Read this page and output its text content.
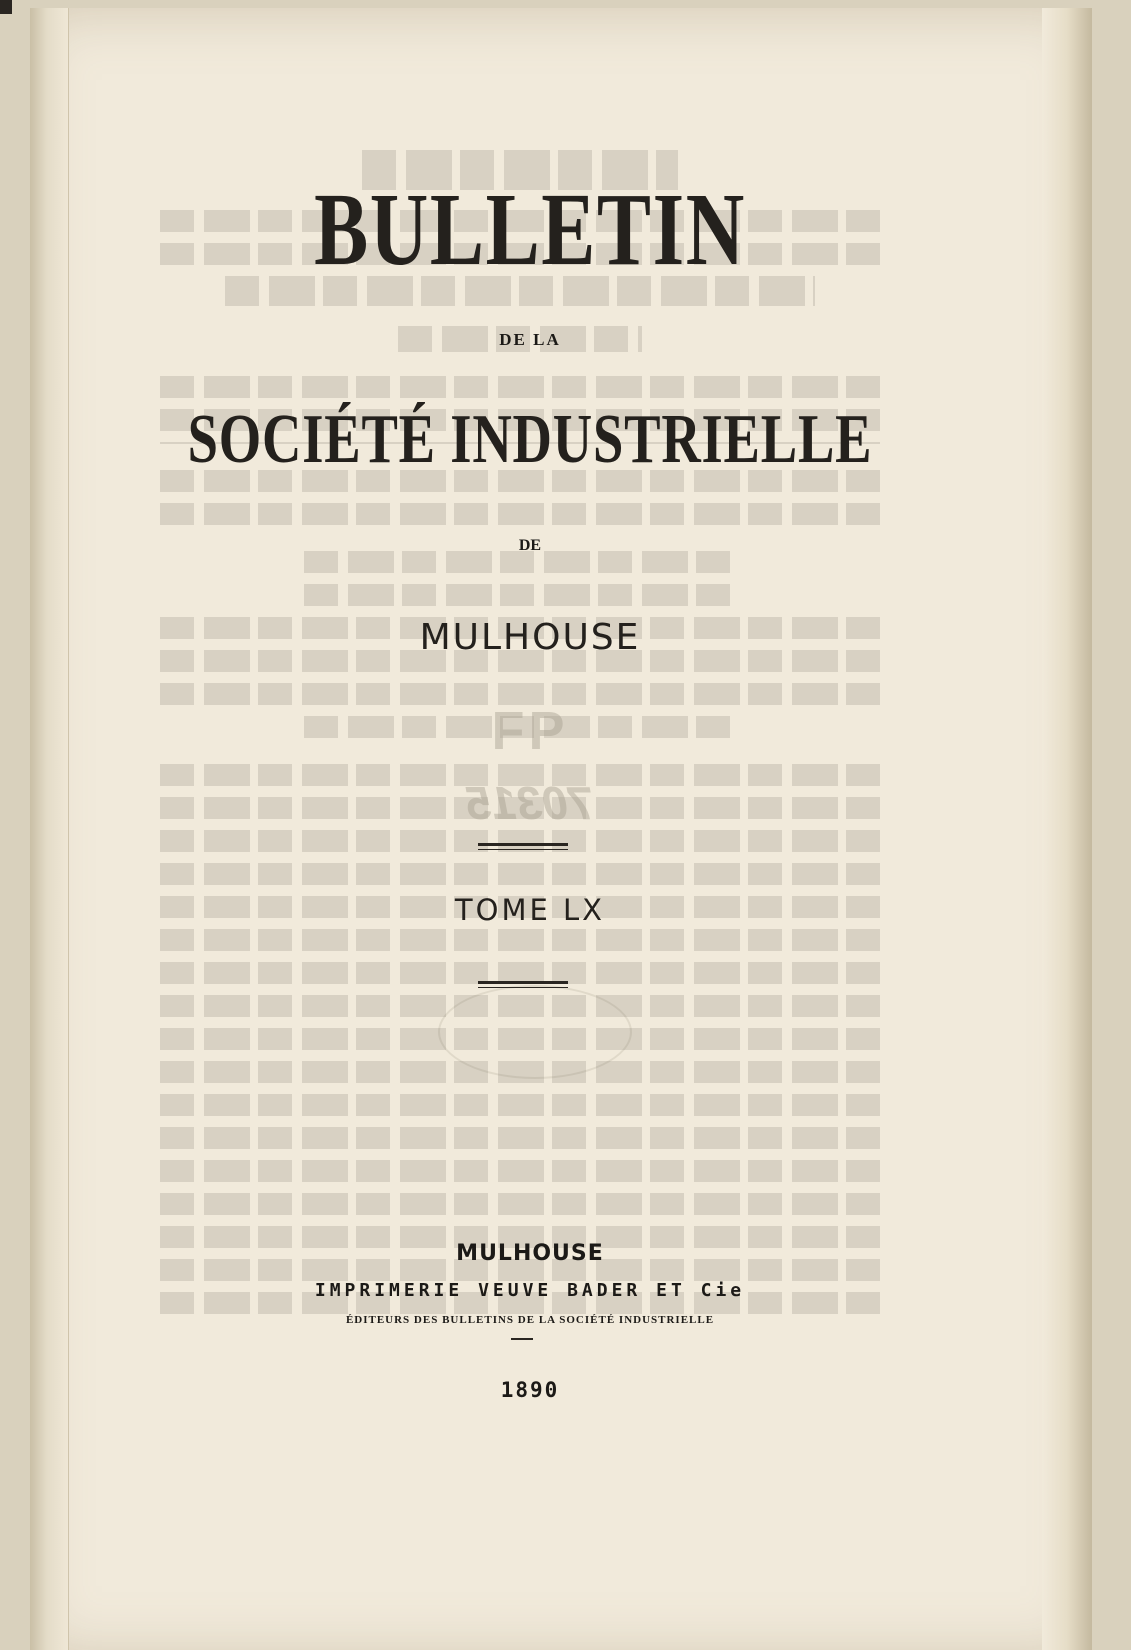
FP
70315
BULLETIN
DE LA
SOCIÉTÉ INDUSTRIELLE
DE
MULHOUSE
TOME LX
MULHOUSE
IMPRIMERIE VEUVE BADER ET Cie
ÉDITEURS DES BULLETINS DE LA SOCIÉTÉ INDUSTRIELLE
1890
